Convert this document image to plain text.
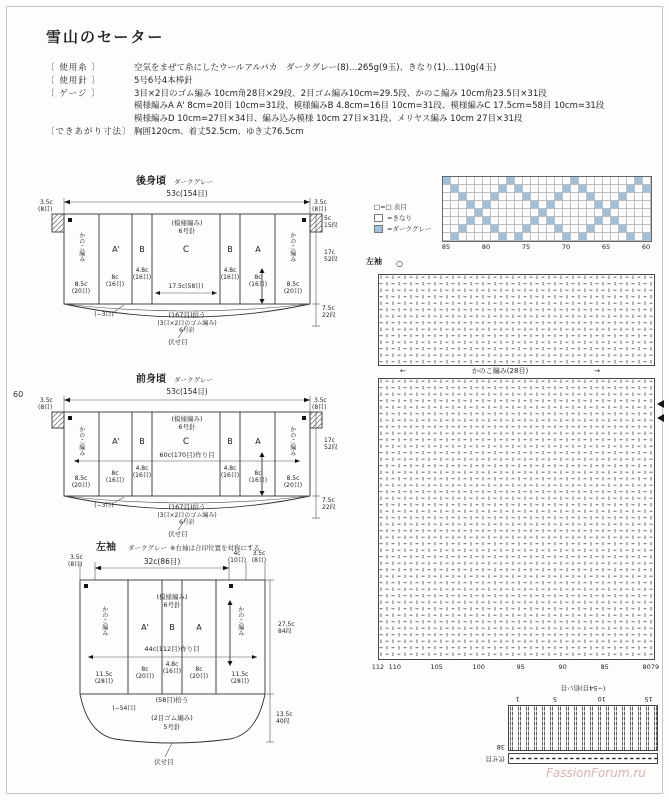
雪山のセーター
60
〔 使用糸 〕	空気をまぜて糸にしたウールアルパカ　ダークグレー(8)…265g(9玉)、きなり(1)…110g(4玉)
〔 使用針 〕	5号6号4本棒針
〔 ゲージ 〕	3目×2目のゴム編み 10cm角28目×29段、2目ゴム編み10cm=29.5段、かのこ編み 10cm角23.5目×31段
模様編みA A' 8cm=20目 10cm=31段、模様編みB 4.8cm=16目 10cm=31段、模様編みC 17.5cm=58目 10cm=31段
模様編みD 10cm=27目×34目、編み込み模様 10cm 27目×31段、メリヤス編み 10cm 27目×31段
〔できあがり寸法〕 胸囲120cm、着丈52.5cm、ゆき丈76.5cm
後身頃 ダークグレー
53c(154目)
3.5c
(8目)
3.5c
(8目)
(模様編み)
6号針
A' B	C	B	A
かのこ編み	かのこ編み
17.5c(58目)
8.5c
(20目)
8c
(16目)
4.8c
(16目)
4.8c
(16目)	8c
(16目)	8.5c
(20目)
(−3目)	(167目)拾う
(3目×2目のゴム編み)
6号針
伏せ目
5c
15段
17c
52段
7.5c
22段
前身頃 ダークグレー
53c(154目)
3.5c
(8目)
3.5c
(8目)
(模様編み)
6号針
A' B	C	B	A
かのこ編み	かのこ編み
60c(170目)作り目
8.5c
(20目)
8c
(16目)
4.8c
(16目)
4.8c
(16目)	8c
(16目)	8.5c
(20目)
(−3目)	(167目)拾う
(3目×2目のゴム編み)
6号針
伏せ目
17c
52段
7.5c
22段
左袖 ダークグレー ※右袖は合印位置を対称にする
3.5c
(8目)	32c(86目)
4c
(10目)
3.5c
(8目)
(模様編み)
6号針
A'	B	A
かのこ編み	かのこ編み
44c(112目)作り目
11.5c
(28目)
8c
(20目)
4.8c
(16目)	8c
(20目)	11.5c
(28目)
(58目)拾う
(−54目)
(2目ゴム編み)
5号針
伏せ目
27.5c
84段
13.5c
40段
□=□ 表目
=きなり
=ダークグレー
85	80	75	70	65	60
左袖 ○
←	かのこ編み(28目)	→
112 110	105	100	95	90	85	80 79
伏せ目
38
15
10
5
1
(−54目)拾い目
FassionForum.ru
